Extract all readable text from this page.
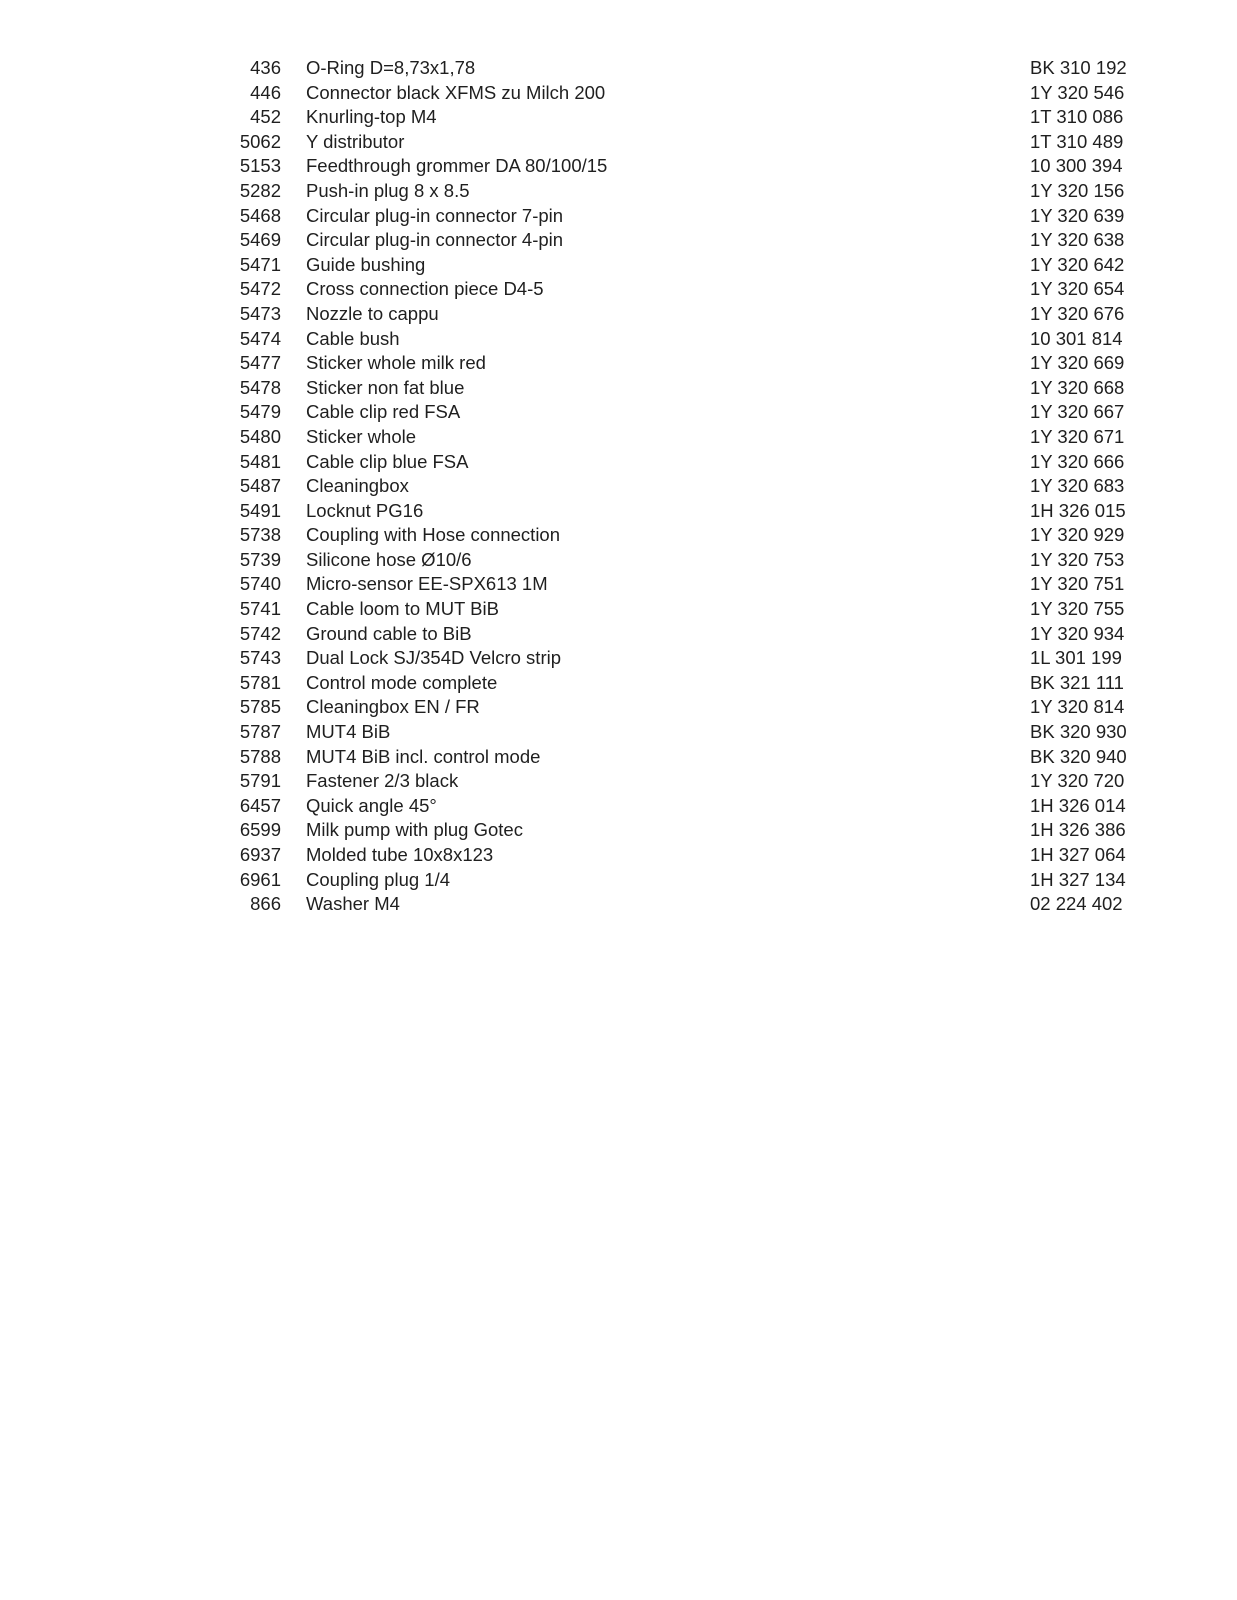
436 O-Ring D=8,73x1,78	BK 310 192
446 Connector black XFMS zu Milch 200	1Y 320 546
452 Knurling-top M4	1T 310 086
5062 Y distributor	1T 310 489
5153 Feedthrough grommer DA 80/100/15	10 300 394
5282 Push-in plug 8 x 8.5	1Y 320 156
5468 Circular plug-in connector 7-pin	1Y 320 639
5469 Circular plug-in connector 4-pin	1Y 320 638
5471 Guide bushing	1Y 320 642
5472 Cross connection piece D4-5	1Y 320 654
5473 Nozzle to cappu	1Y 320 676
5474 Cable bush	10 301 814
5477 Sticker whole milk red	1Y 320 669
5478 Sticker non fat blue	1Y 320 668
5479 Cable clip red FSA	1Y 320 667
5480 Sticker whole	1Y 320 671
5481 Cable clip blue FSA	1Y 320 666
5487 Cleaningbox	1Y 320 683
5491 Locknut PG16	1H 326 015
5738 Coupling with Hose connection	1Y 320 929
5739 Silicone hose Ø10/6	1Y 320 753
5740 Micro-sensor EE-SPX613 1M	1Y 320 751
5741 Cable loom to MUT BiB	1Y 320 755
5742 Ground cable to BiB	1Y 320 934
5743 Dual Lock SJ/354D Velcro strip	1L 301 199
5781 Control mode complete	BK 321 111
5785 Cleaningbox EN / FR	1Y 320 814
5787 MUT4 BiB	BK 320 930
5788 MUT4 BiB incl. control mode	BK 320 940
5791 Fastener 2/3 black	1Y 320 720
6457 Quick angle 45°	1H 326 014
6599 Milk pump with plug Gotec	1H 326 386
6937 Molded tube 10x8x123	1H 327 064
6961 Coupling plug 1/4	1H 327 134
866 Washer M4	02 224 402
